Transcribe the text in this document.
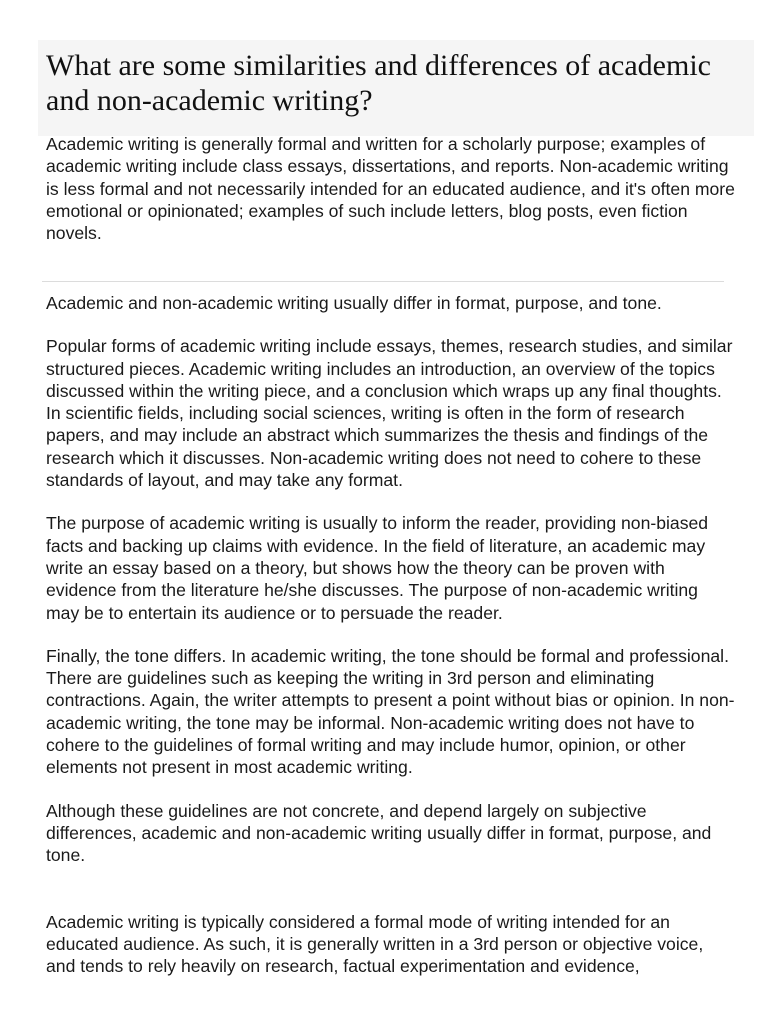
What are some similarities and differences of academic and non-academic writing?

Academic writing is generally formal and written for a scholarly purpose; examples of academic writing include class essays, dissertations, and reports. Non-academic writing is less formal and not necessarily intended for an educated audience, and it's often more emotional or opinionated; examples of such include letters, blog posts, even fiction novels.

Academic and non-academic writing usually differ in format, purpose, and tone.

Popular forms of academic writing include essays, themes, research studies, and similar structured pieces. Academic writing includes an introduction, an overview of the topics discussed within the writing piece, and a conclusion which wraps up any final thoughts. In scientific fields, including social sciences, writing is often in the form of research papers, and may include an abstract which summarizes the thesis and findings of the research which it discusses. Non-academic writing does not need to cohere to these standards of layout, and may take any format.

The purpose of academic writing is usually to inform the reader, providing non-biased facts and backing up claims with evidence. In the field of literature, an academic may write an essay based on a theory, but shows how the theory can be proven with evidence from the literature he/she discusses. The purpose of non-academic writing may be to entertain its audience or to persuade the reader.

Finally, the tone differs. In academic writing, the tone should be formal and professional. There are guidelines such as keeping the writing in 3rd person and eliminating contractions. Again, the writer attempts to present a point without bias or opinion. In non-academic writing, the tone may be informal. Non-academic writing does not have to cohere to the guidelines of formal writing and may include humor, opinion, or other elements not present in most academic writing.

Although these guidelines are not concrete, and depend largely on subjective differences, academic and non-academic writing usually differ in format, purpose, and tone.

Academic writing is typically considered a formal mode of writing intended for an educated audience. As such, it is generally written in a 3rd person or objective voice, and tends to rely heavily on research, factual experimentation and evidence,
